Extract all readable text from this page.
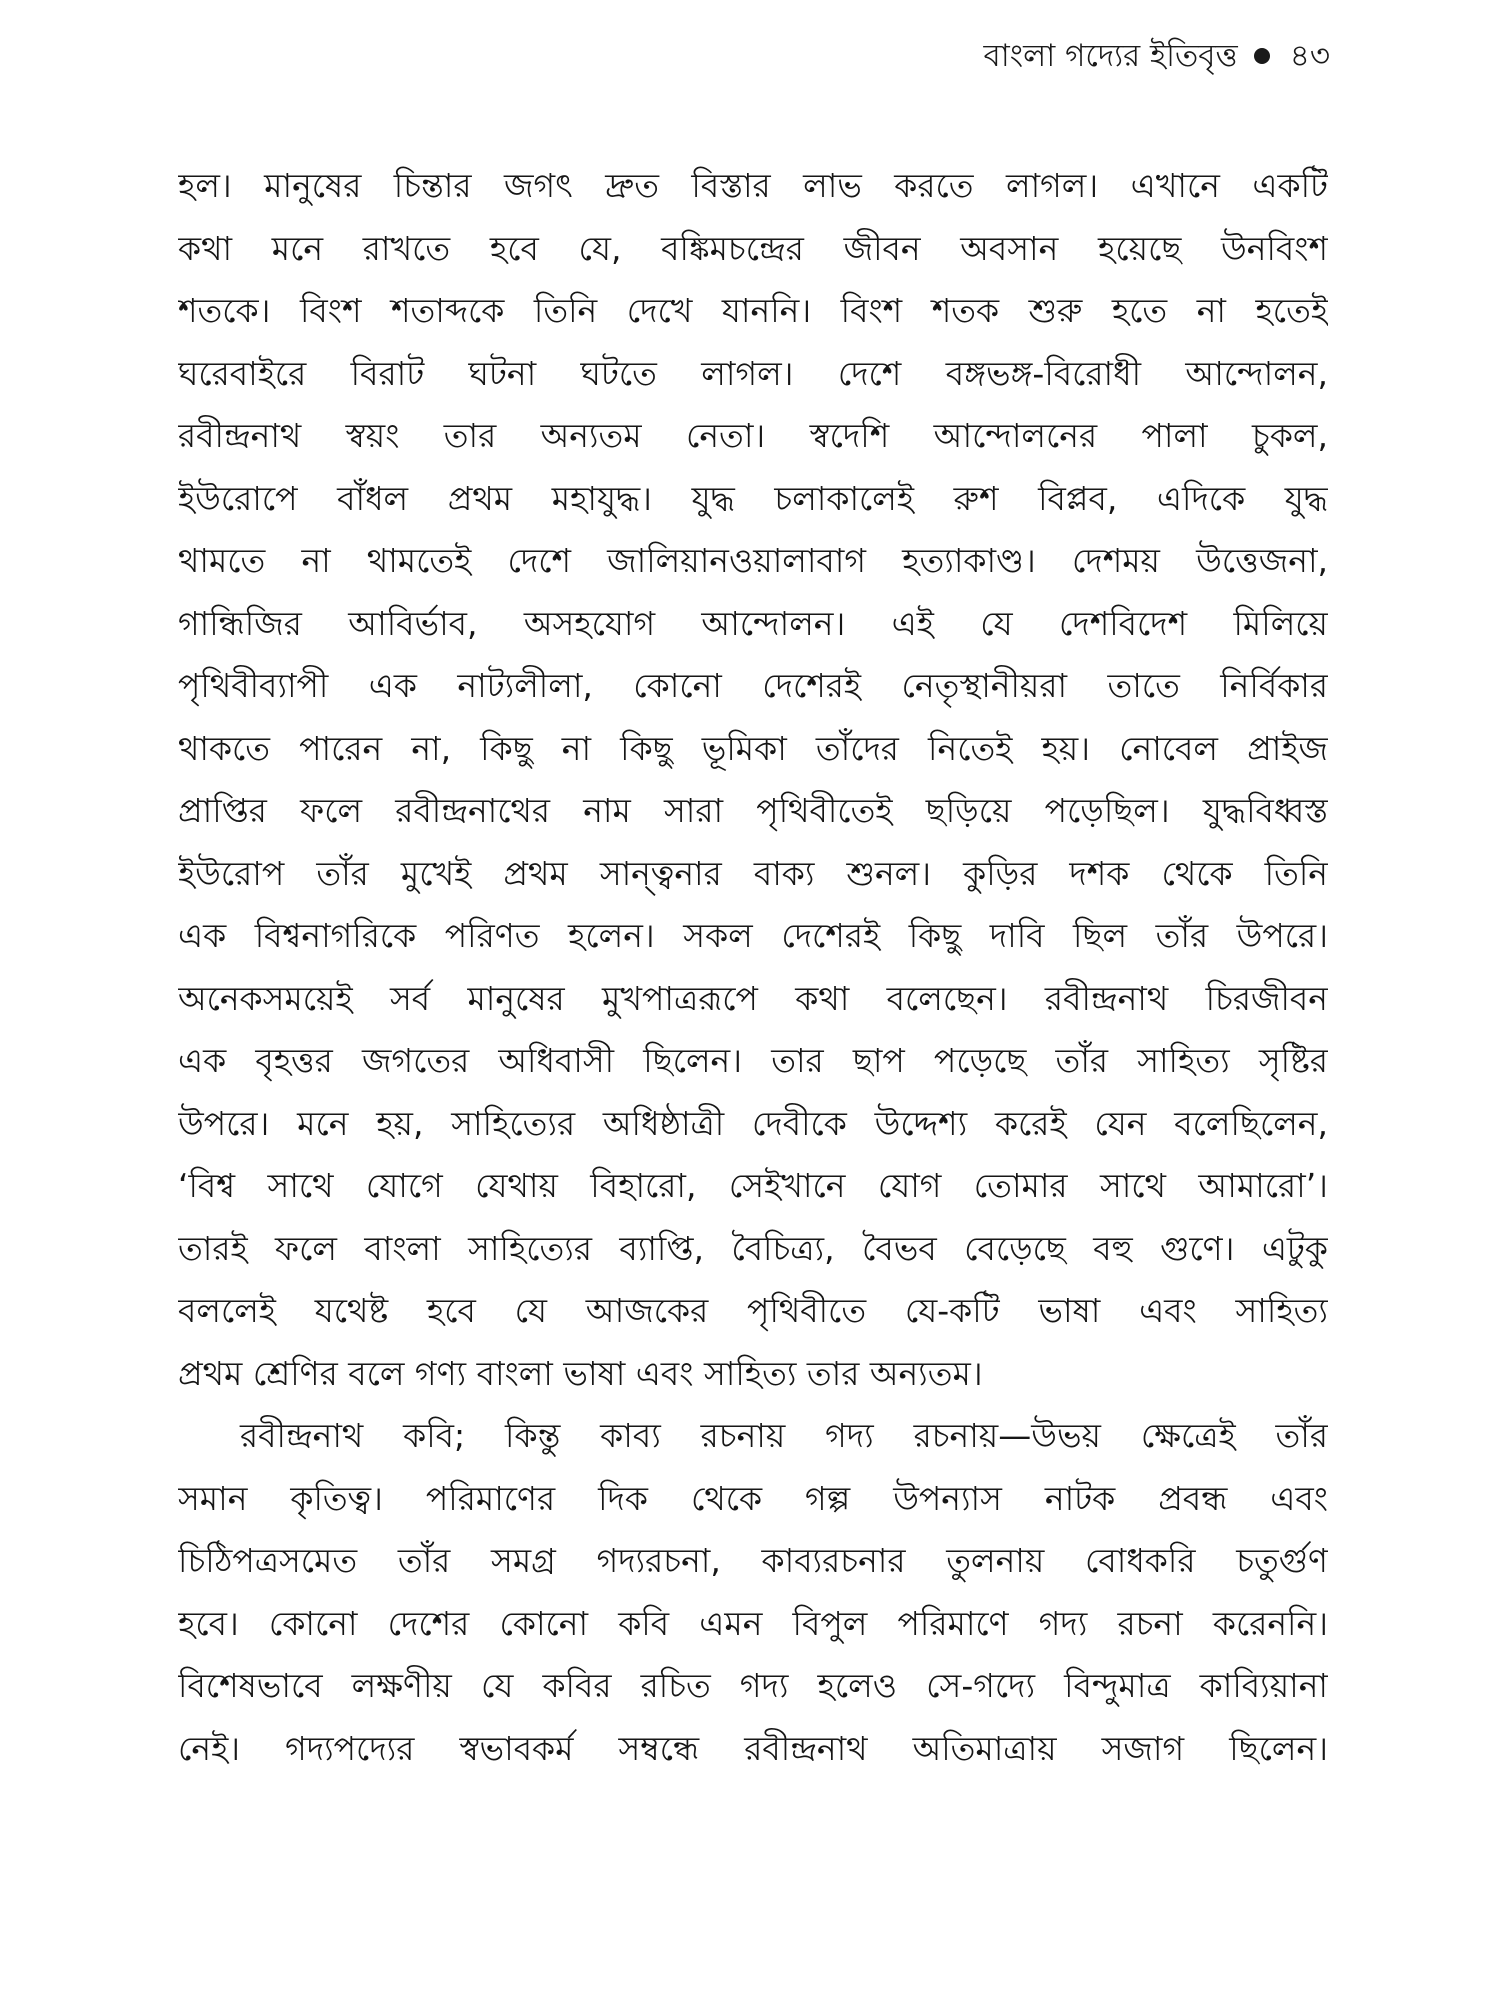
বাংলা গদ্যের ইতিবৃত্ত ৪৩
হল। মানুষের চিন্তার জগৎ দ্রুত বিস্তার লাভ করতে লাগল। এখানে একটি
কথা মনে রাখতে হবে যে, বঙ্কিমচন্দ্রের জীবন অবসান হয়েছে উনবিংশ
শতকে। বিংশ শতাব্দকে তিনি দেখে যাননি। বিংশ শতক শুরু হতে না হতেই
ঘরেবাইরে বিরাট ঘটনা ঘটতে লাগল। দেশে বঙ্গভঙ্গ-বিরোধী আন্দোলন,
রবীন্দ্রনাথ স্বয়ং তার অন্যতম নেতা। স্বদেশি আন্দোলনের পালা চুকল,
ইউরোপে বাঁধল প্রথম মহাযুদ্ধ। যুদ্ধ চলাকালেই রুশ বিপ্লব, এদিকে যুদ্ধ
থামতে না থামতেই দেশে জালিয়ানওয়ালাবাগ হত্যাকাণ্ড। দেশময় উত্তেজনা,
গান্ধিজির আবির্ভাব, অসহযোগ আন্দোলন। এই যে দেশবিদেশ মিলিয়ে
পৃথিবীব্যাপী এক নাট্যলীলা, কোনো দেশেরই নেতৃস্থানীয়রা তাতে নির্বিকার
থাকতে পারেন না, কিছু না কিছু ভূমিকা তাঁদের নিতেই হয়। নোবেল প্রাইজ
প্রাপ্তির ফলে রবীন্দ্রনাথের নাম সারা পৃথিবীতেই ছড়িয়ে পড়েছিল। যুদ্ধবিধ্বস্ত
ইউরোপ তাঁর মুখেই প্রথম সান্ত্বনার বাক্য শুনল। কুড়ির দশক থেকে তিনি
এক বিশ্বনাগরিকে পরিণত হলেন। সকল দেশেরই কিছু দাবি ছিল তাঁর উপরে।
অনেকসময়েই সর্ব মানুষের মুখপাত্ররূপে কথা বলেছেন। রবীন্দ্রনাথ চিরজীবন
এক বৃহত্তর জগতের অধিবাসী ছিলেন। তার ছাপ পড়েছে তাঁর সাহিত্য সৃষ্টির
উপরে। মনে হয়, সাহিত্যের অধিষ্ঠাত্রী দেবীকে উদ্দেশ্য করেই যেন বলেছিলেন,
‘বিশ্ব সাথে যোগে যেথায় বিহারো, সেইখানে যোগ তোমার সাথে আমারো’।
তারই ফলে বাংলা সাহিত্যের ব্যাপ্তি, বৈচিত্র্য, বৈভব বেড়েছে বহু গুণে। এটুকু
বললেই যথেষ্ট হবে যে আজকের পৃথিবীতে যে-কটি ভাষা এবং সাহিত্য
প্রথম শ্রেণির বলে গণ্য বাংলা ভাষা এবং সাহিত্য তার অন্যতম।
রবীন্দ্রনাথ কবি; কিন্তু কাব্য রচনায় গদ্য রচনায়—উভয় ক্ষেত্রেই তাঁর
সমান কৃতিত্ব। পরিমাণের দিক থেকে গল্প উপন্যাস নাটক প্রবন্ধ এবং
চিঠিপত্রসমেত তাঁর সমগ্র গদ্যরচনা, কাব্যরচনার তুলনায় বোধকরি চতুর্গুণ
হবে। কোনো দেশের কোনো কবি এমন বিপুল পরিমাণে গদ্য রচনা করেননি।
বিশেষভাবে লক্ষণীয় যে কবির রচিত গদ্য হলেও সে-গদ্যে বিন্দুমাত্র কাব্যিয়ানা
নেই। গদ্যপদ্যের স্বভাবকর্ম সম্বন্ধে রবীন্দ্রনাথ অতিমাত্রায় সজাগ ছিলেন।
